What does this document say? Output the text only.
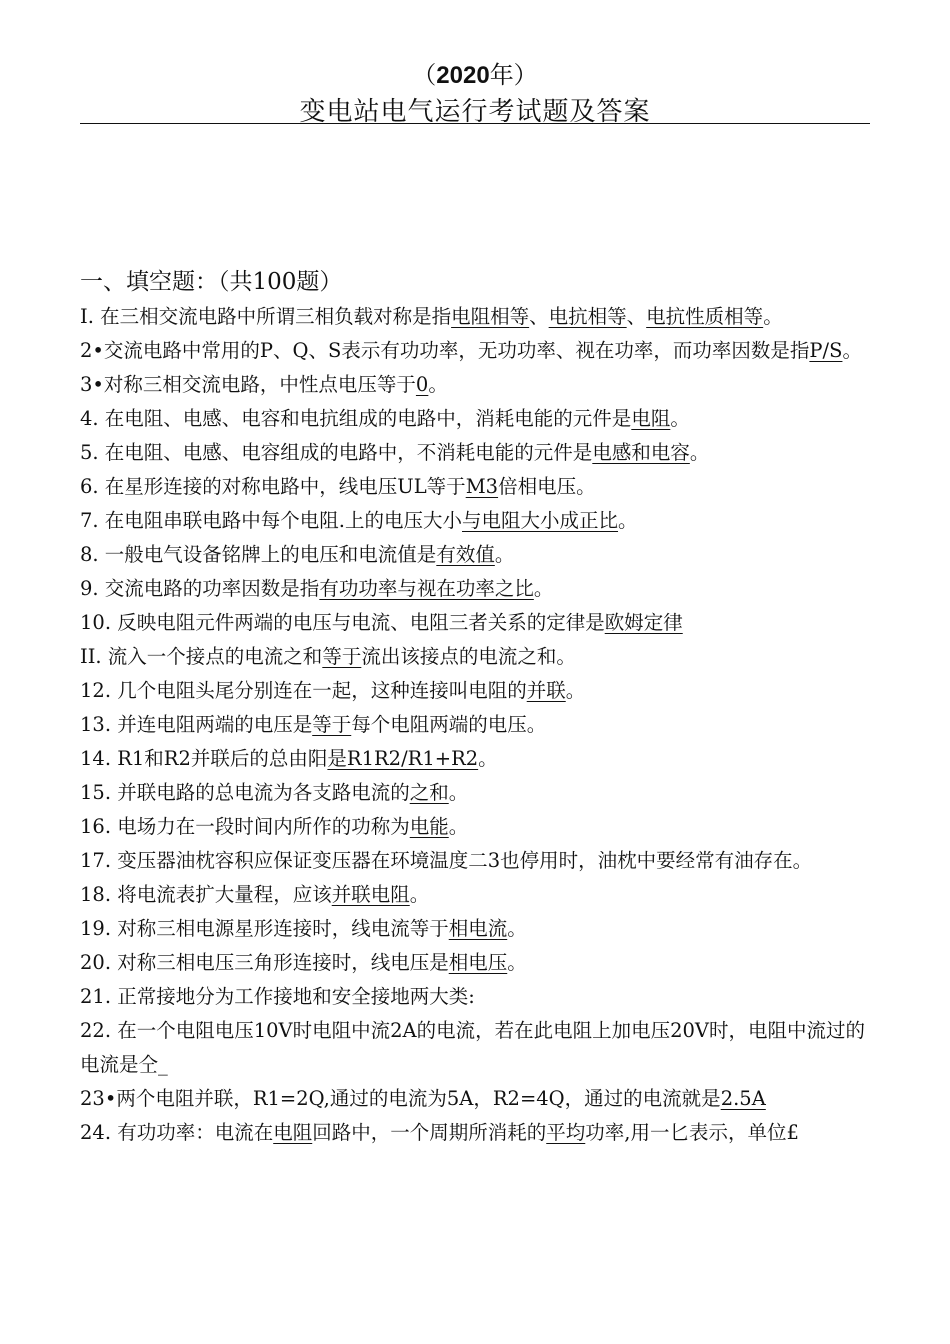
（2020年）
变电站电气运行考试题及答案
一、填空题：（共100题）

I. 在三相交流电路中所谓三相负载对称是指电阻相等、电抗相等、电抗性质相等。

2•交流电路中常用的P、Q、S表示有功功率，无功功率、视在功率，而功率因数是指P/S。

3•对称三相交流电路，中性点电压等于0。

4. 在电阻、电感、电容和电抗组成的电路中，消耗电能的元件是电阻。

5. 在电阻、电感、电容组成的电路中，不消耗电能的元件是电感和电容。

6. 在星形连接的对称电路中，线电压UL等于M3倍相电压。

7. 在电阻串联电路中每个电阻.上的电压大小与电阻大小成正比。

8. 一般电气设备铭牌上的电压和电流值是有效值。

9. 交流电路的功率因数是指有功功率与视在功率之比。

10. 反映电阻元件两端的电压与电流、电阻三者关系的定律是欧姆定律

II. 流入一个接点的电流之和等于流出该接点的电流之和。

12. 几个电阻头尾分别连在一起，这种连接叫电阻的并联。

13. 并连电阻两端的电压是等于每个电阻两端的电压。

14. R1和R2并联后的总由阳是R1R2/R1+R2。

15. 并联电路的总电流为各支路电流的之和。

16. 电场力在一段时间内所作的功称为电能。

17. 变压器油枕容积应保证变压器在环境温度二3也停用时，油枕中要经常有油存在。

18. 将电流表扩大量程，应该并联电阻。

19. 对称三相电源星形连接时，线电流等于相电流。

20. 对称三相电压三角形连接时，线电压是相电压。

21. 正常接地分为工作接地和安全接地两大类:

22. 在一个电阻电压10V时电阻中流2A的电流，若在此电阻上加电压20V时，电阻中流过的电流是仝_

23•两个电阻并联，R1=2Q,通过的电流为5A，R2=4Q，通过的电流就是2.5A

24. 有功功率：电流在电阻回路中，一个周期所消耗的平均功率,用一匕表示，单位£
